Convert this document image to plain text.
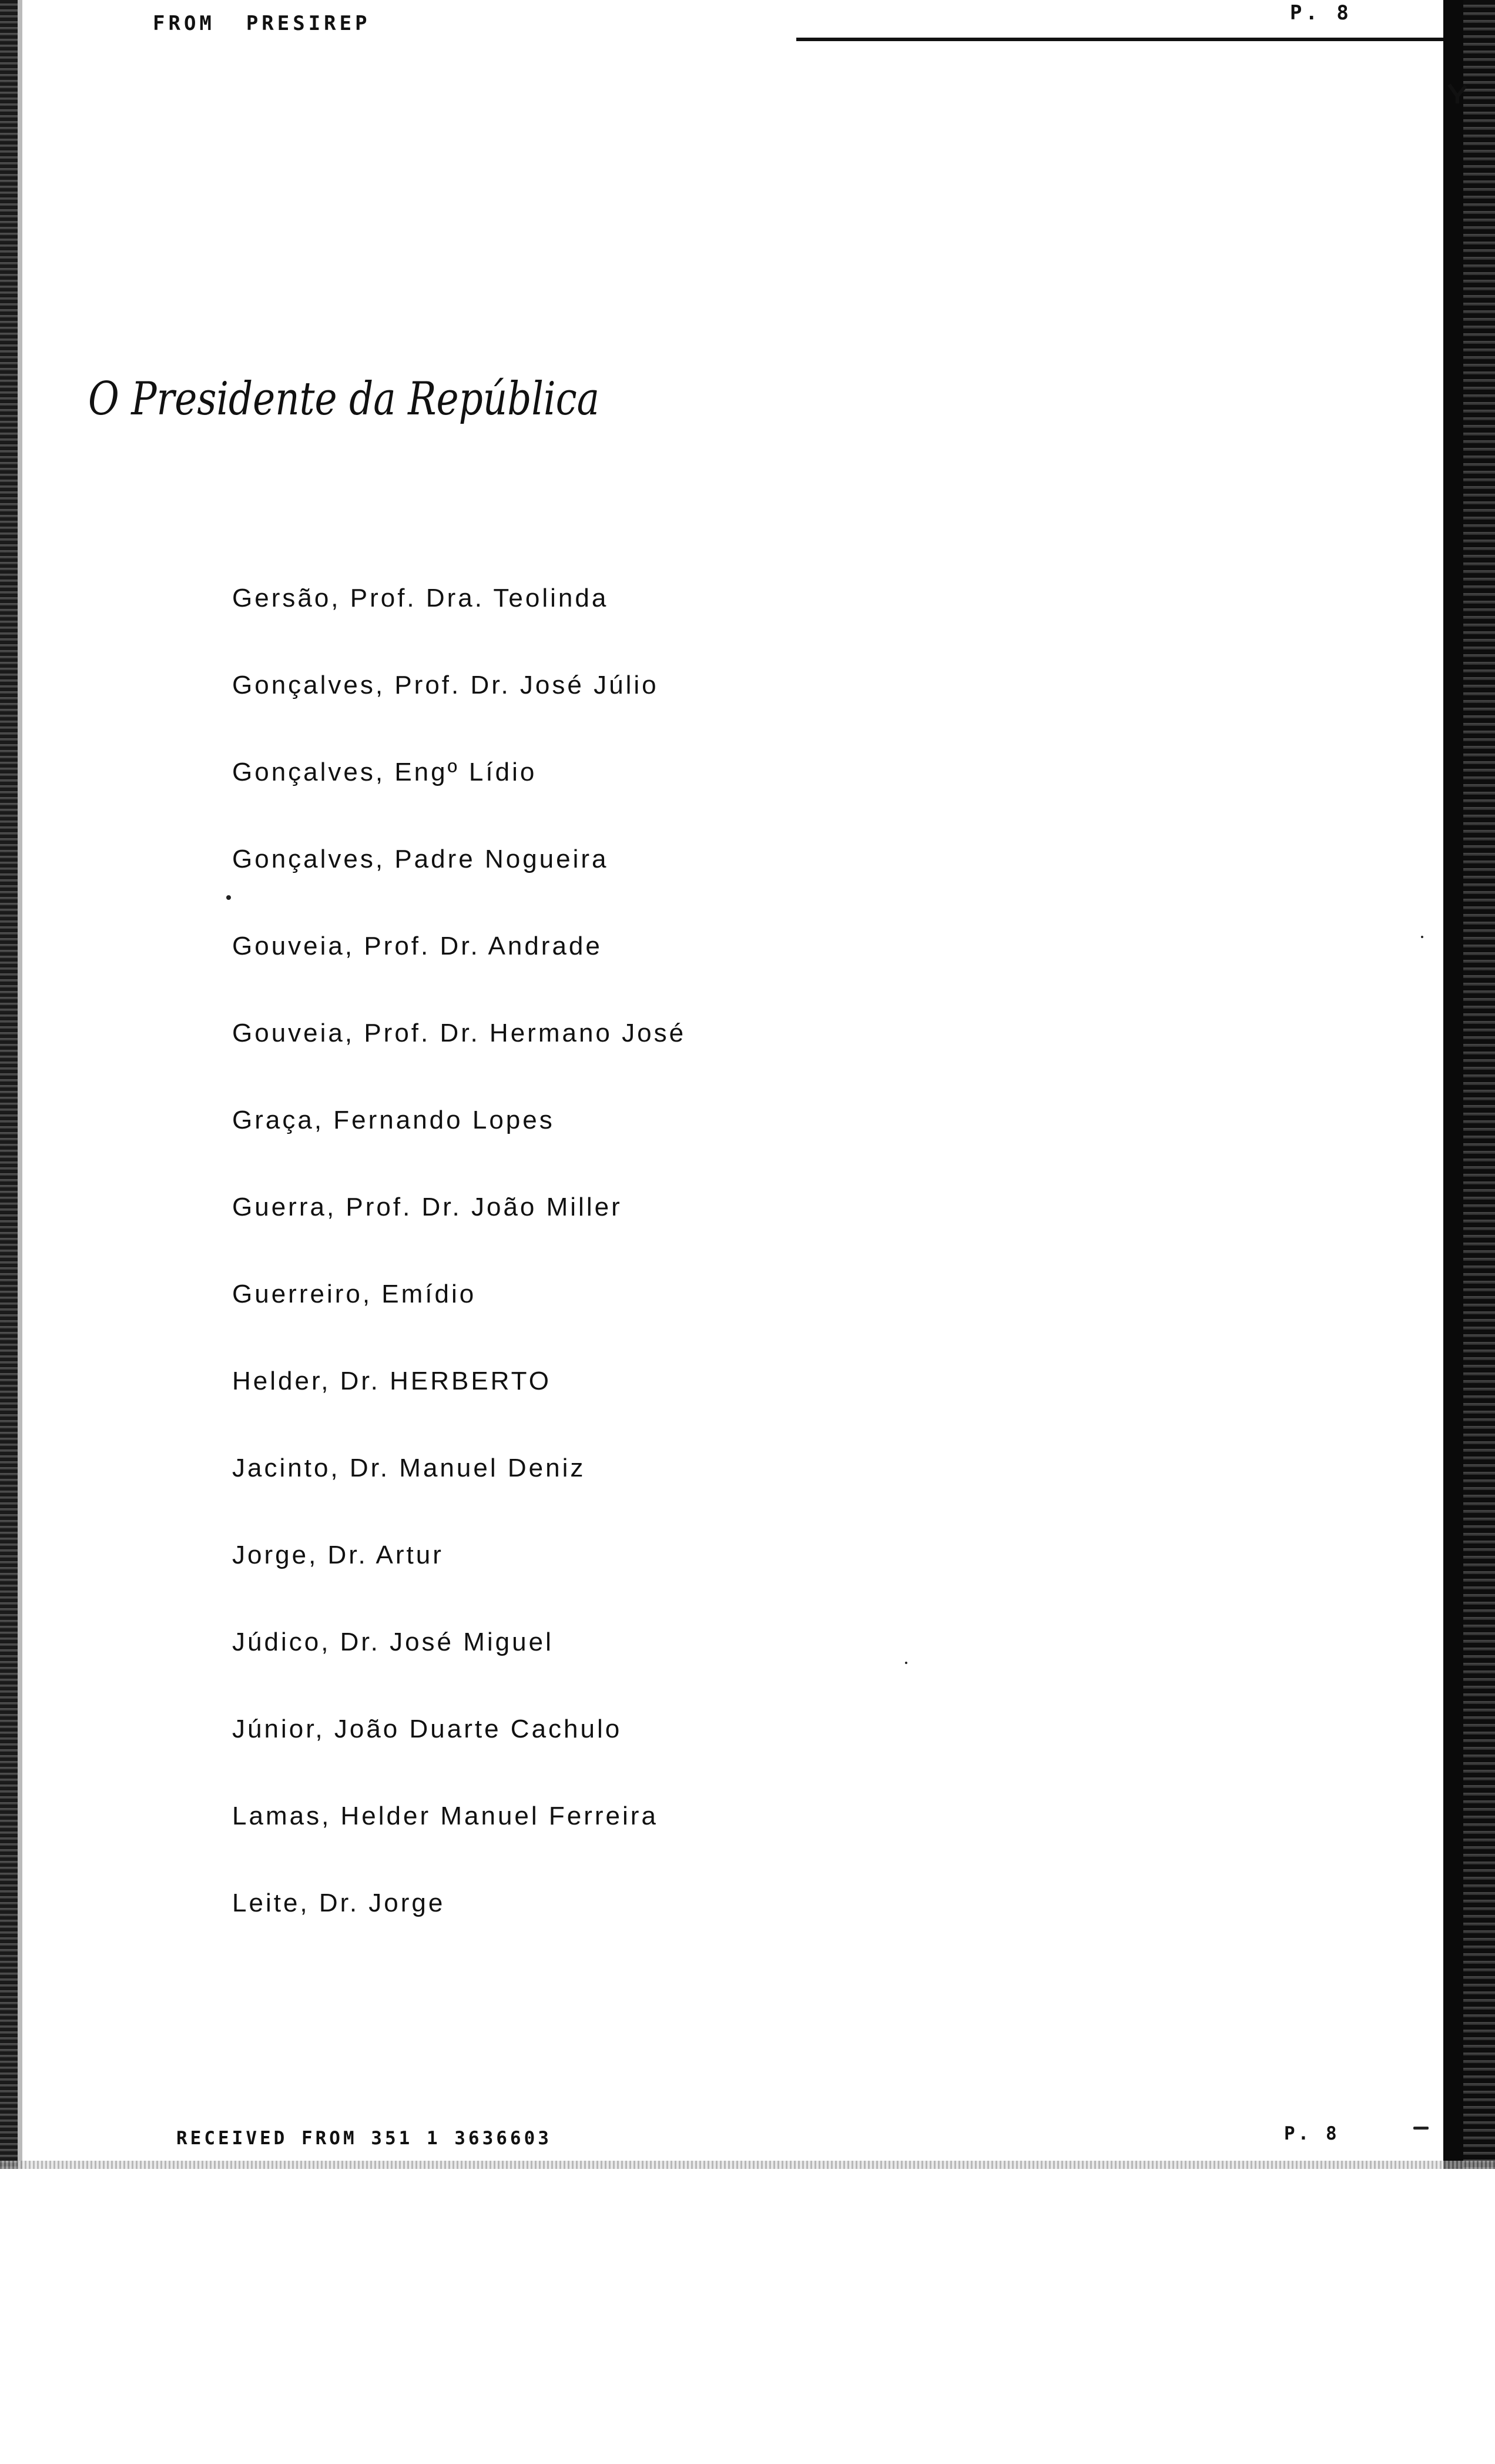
FROM  PRESIREP	P. 8
O Presidente da República
Gersão, Prof. Dra. Teolinda
Gonçalves, Prof. Dr. José Júlio
Gonçalves, Engº Lídio
Gonçalves, Padre Nogueira
Gouveia, Prof. Dr. Andrade
Gouveia, Prof. Dr. Hermano José
Graça, Fernando Lopes
Guerra, Prof. Dr. João Miller
Guerreiro, Emídio
Helder, Dr. HERBERTO
Jacinto, Dr. Manuel Deniz
Jorge, Dr. Artur
Júdico, Dr. José Miguel
Júnior, João Duarte Cachulo
Lamas, Helder Manuel Ferreira
Leite, Dr. Jorge
RECEIVED FROM 351 1 3636603	P. 8
